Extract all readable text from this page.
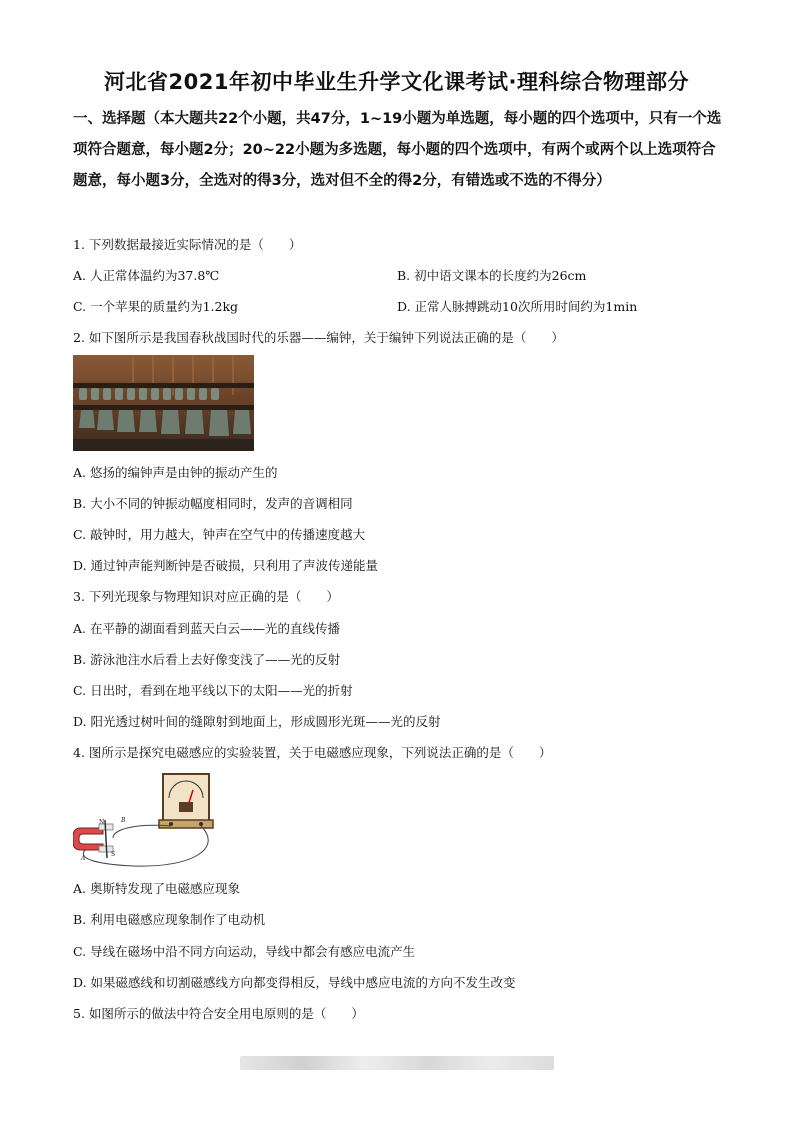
河北省2021年初中毕业生升学文化课考试·理科综合物理部分
一、选择题（本大题共22个小题，共47分，1~19小题为单选题，每小题的四个选项中，只有一个选项符合题意，每小题2分；20~22小题为多选题，每小题的四个选项中，有两个或两个以上选项符合题意，每小题3分，全选对的得3分，选对但不全的得2分，有错选或不选的不得分）
1. 下列数据最接近实际情况的是（　　）
A. 人正常体温约为37.8℃	B. 初中语文课本的长度约为26cm
C. 一个苹果的质量约为1.2kg	D. 正常人脉搏跳动10次所用时间约为1min
2. 如下图所示是我国春秋战国时代的乐器——编钟，关于编钟下列说法正确的是（　　）
A. 悠扬的编钟声是由钟的振动产生的
B. 大小不同的钟振动幅度相同时，发声的音调相同
C. 敲钟时，用力越大，钟声在空气中的传播速度越大
D. 通过钟声能判断钟是否破损，只利用了声波传递能量
3. 下列光现象与物理知识对应正确的是（　　）
A. 在平静的湖面看到蓝天白云——光的直线传播
B. 游泳池注水后看上去好像变浅了——光的反射
C. 日出时，看到在地平线以下的太阳——光的折射
D. 阳光透过树叶间的缝隙射到地面上，形成圆形光斑——光的反射
4. 图所示是探究电磁感应的实验装置，关于电磁感应现象，下列说法正确的是（　　）
N
S
A
B
A. 奥斯特发现了电磁感应现象
B. 利用电磁感应现象制作了电动机
C. 导线在磁场中沿不同方向运动，导线中都会有感应电流产生
D. 如果磁感线和切割磁感线方向都变得相反，导线中感应电流的方向不发生改变
5. 如图所示的做法中符合安全用电原则的是（　　）
